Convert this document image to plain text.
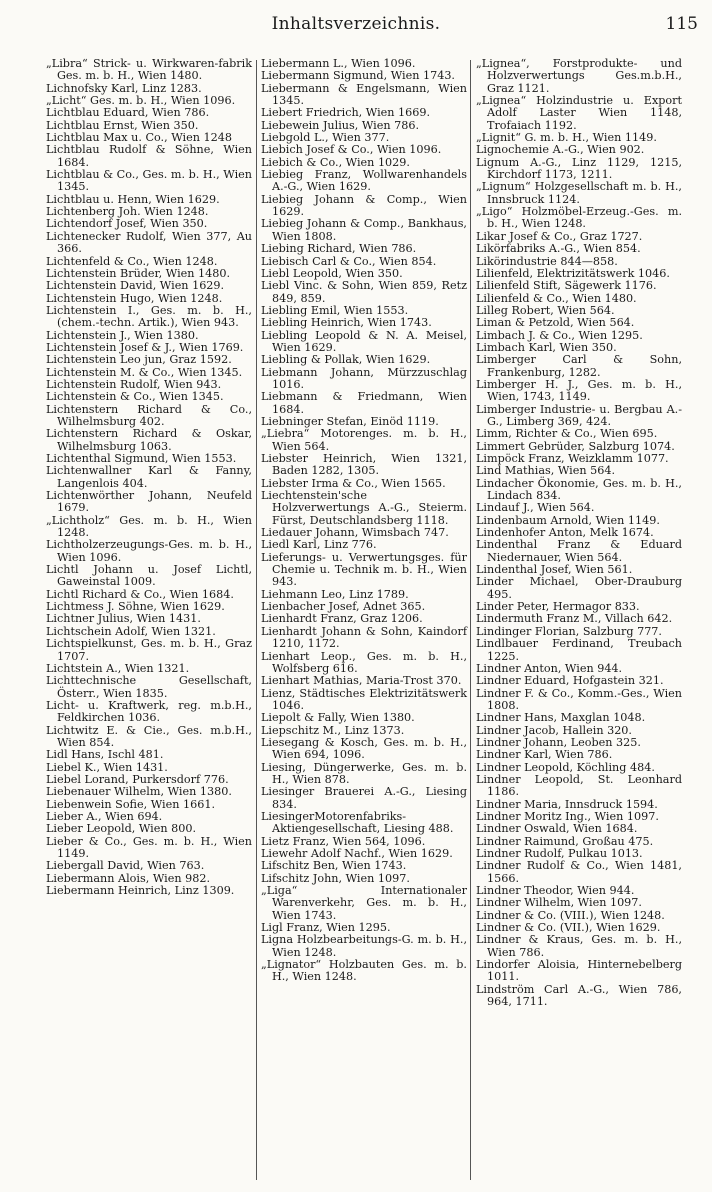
Inhaltsverzeichnis.	115
„Libra“ Strick- u. Wirkwaren-fabrik Ges. m. b. H., Wien 1480.
Lichnofsky Karl, Linz 1283.
„Licht“ Ges. m. b. H., Wien 1096.
Lichtblau Eduard, Wien 786.
Lichtblau Ernst, Wien 350.
Lichtblau Max u. Co., Wien 1248
Lichtblau Rudolf & Söhne, Wien 1684.
Lichtblau & Co., Ges. m. b. H., Wien 1345.
Lichtblau u. Henn, Wien 1629.
Lichtenberg Joh. Wien 1248.
Lichtendorf Josef, Wien 350.
Lichtenecker Rudolf, Wien 377, Au 366.
Lichtenfeld & Co., Wien 1248.
Lichtenstein Brüder, Wien 1480.
Lichtenstein David, Wien 1629.
Lichtenstein Hugo, Wien 1248.
Lichtenstein I., Ges. m. b. H., (chem.-techn. Artik.), Wien 943.
Lichtenstein J., Wien 1380.
Lichtenstein Josef & J., Wien 1769.
Lichtenstein Leo jun, Graz 1592.
Lichtenstein M. & Co., Wien 1345.
Lichtenstein Rudolf, Wien 943.
Lichtenstein & Co., Wien 1345.
Lichtenstern Richard & Co., Wilhelmsburg 402.
Lichtenstern Richard & Oskar, Wilhelmsburg 1063.
Lichtenthal Sigmund, Wien 1553.
Lichtenwallner Karl & Fanny, Langenlois 404.
Lichtenwörther Johann, Neufeld 1679.
„Lichtholz“ Ges. m. b. H., Wien 1248.
Lichtholzerzeugungs-Ges. m. b. H., Wien 1096.
Lichtl Johann u. Josef Lichtl, Gaweinstal 1009.
Lichtl Richard & Co., Wien 1684.
Lichtmess J. Söhne, Wien 1629.
Lichtner Julius, Wien 1431.
Lichtschein Adolf, Wien 1321.
Lichtspielkunst, Ges. m. b. H., Graz 1707.
Lichtstein A., Wien 1321.
Lichttechnische Gesellschaft, Österr., Wien 1835.
Licht- u. Kraftwerk, reg. m.b.H., Feldkirchen 1036.
Lichtwitz E. & Cie., Ges. m.b.H., Wien 854.
Lidl Hans, Ischl 481.
Liebel K., Wien 1431.
Liebel Lorand, Purkersdorf 776.
Liebenauer Wilhelm, Wien 1380.
Liebenwein Sofie, Wien 1661.
Lieber A., Wien 694.
Lieber Leopold, Wien 800.
Lieber & Co., Ges. m. b. H., Wien 1149.
Liebergall David, Wien 763.
Liebermann Alois, Wien 982.
Liebermann Heinrich, Linz 1309.
Liebermann L., Wien 1096.
Liebermann Sigmund, Wien 1743.
Liebermann & Engelsmann, Wien 1345.
Liebert Friedrich, Wien 1669.
Liebewein Julius, Wien 786.
Liebgold L., Wien 377.
Liebich Josef & Co., Wien 1096.
Liebich & Co., Wien 1029.
Liebieg Franz, Wollwarenhandels A.-G., Wien 1629.
Liebieg Johann & Comp., Wien 1629.
Liebieg Johann & Comp., Bankhaus, Wien 1808.
Liebing Richard, Wien 786.
Liebisch Carl & Co., Wien 854.
Liebl Leopold, Wien 350.
Liebl Vinc. & Sohn, Wien 859, Retz 849, 859.
Liebling Emil, Wien 1553.
Liebling Heinrich, Wien 1743.
Liebling Leopold & N. A. Meisel, Wien 1629.
Liebling & Pollak, Wien 1629.
Liebmann Johann, Mürzzuschlag 1016.
Liebmann & Friedmann, Wien 1684.
Liebninger Stefan, Einöd 1119.
„Liebra“ Motorenges. m. b. H., Wien 564.
Liebster Heinrich, Wien 1321, Baden 1282, 1305.
Liebster Irma & Co., Wien 1565.
Liechtenstein'sche Holzverwertungs A.-G., Steierm. Fürst, Deutschlandsberg 1118.
Liedauer Johann, Wimsbach 747.
Liedl Karl, Linz 776.
Lieferungs- u. Verwertungsges. für Chemie u. Technik m. b. H., Wien 943.
Liehmann Leo, Linz 1789.
Lienbacher Josef, Adnet 365.
Lienhardt Franz, Graz 1206.
Lienhardt Johann & Sohn, Kaindorf 1210, 1172.
Lienhart Leop., Ges. m. b. H., Wolfsberg 616.
Lienhart Mathias, Maria-Trost 370.
Lienz, Städtisches Elektrizitätswerk 1046.
Liepolt & Fally, Wien 1380.
Liepschitz M., Linz 1373.
Liesegang & Kosch, Ges. m. b. H., Wien 694, 1096.
Liesing, Düngerwerke, Ges. m. b. H., Wien 878.
Liesinger Brauerei A.-G., Liesing 834.
LiesingerMotorenfabriks-Aktiengesellschaft, Liesing 488.
Lietz Franz, Wien 564, 1096.
Liewehr Adolf Nachf., Wien 1629.
Lifschitz Ben, Wien 1743.
Lifschitz John, Wien 1097.
„Liga“ Internationaler Warenverkehr, Ges. m. b. H., Wien 1743.
Ligl Franz, Wien 1295.
Ligna Holzbearbeitungs-G. m. b. H., Wien 1248.
„Lignator“ Holzbauten Ges. m. b. H., Wien 1248.
„Lignea“, Forstprodukte- und Holzverwertungs Ges.m.b.H., Graz 1121.
„Lignea“ Holzindustrie u. Export Adolf Laster Wien 1148, Trofaiach 1192.
„Lignit“ G. m. b. H., Wien 1149.
Lignochemie A.-G., Wien 902.
Lignum A.-G., Linz 1129, 1215, Kirchdorf 1173, 1211.
„Lignum“ Holzgesellschaft m. b. H., Innsbruck 1124.
„Ligo“ Holzmöbel-Erzeug.-Ges. m. b. H., Wien 1248.
Likar Josef & Co., Graz 1727.
Likörfabriks A.-G., Wien 854.
Likörindustrie 844—858.
Lilienfeld, Elektrizitätswerk 1046.
Lilienfeld Stift, Sägewerk 1176.
Lilienfeld & Co., Wien 1480.
Lilleg Robert, Wien 564.
Liman & Petzold, Wien 564.
Limbach J. & Co., Wien 1295.
Limbach Karl, Wien 350.
Limberger Carl & Sohn, Frankenburg, 1282.
Limberger H. J., Ges. m. b. H., Wien, 1743, 1149.
Limberger Industrie- u. Bergbau A.-G., Limberg 369, 424.
Limm, Richter & Co., Wien 695.
Limmert Gebrüder, Salzburg 1074.
Limpöck Franz, Weizklamm 1077.
Lind Mathias, Wien 564.
Lindacher Ökonomie, Ges. m. b. H., Lindach 834.
Lindauf J., Wien 564.
Lindenbaum Arnold, Wien 1149.
Lindenhofer Anton, Melk 1674.
Lindenthal Franz & Eduard Niedernauer, Wien 564.
Lindenthal Josef, Wien 561.
Linder Michael, Ober-Drauburg 495.
Linder Peter, Hermagor 833.
Lindermuth Franz M., Villach 642.
Lindinger Florian, Salzburg 777.
Lindlbauer Ferdinand, Treubach 1225.
Lindner Anton, Wien 944.
Lindner Eduard, Hofgastein 321.
Lindner F. & Co., Komm.-Ges., Wien 1808.
Lindner Hans, Maxglan 1048.
Lindner Jacob, Hallein 320.
Lindner Johann, Leoben 325.
Lindner Karl, Wien 786.
Lindner Leopold, Köchling 484.
Lindner Leopold, St. Leonhard 1186.
Lindner Maria, Innsdruck 1594.
Lindner Moritz Ing., Wien 1097.
Lindner Oswald, Wien 1684.
Lindner Raimund, Großau 475.
Lindner Rudolf, Pulkau 1013.
Lindner Rudolf & Co., Wien 1481, 1566.
Lindner Theodor, Wien 944.
Lindner Wilhelm, Wien 1097.
Lindner & Co. (VIII.), Wien 1248.
Lindner & Co. (VII.), Wien 1629.
Lindner & Kraus, Ges. m. b. H., Wien 786.
Lindorfer Aloisia, Hinternebelberg 1011.
Lindström Carl A.-G., Wien 786, 964, 1711.
